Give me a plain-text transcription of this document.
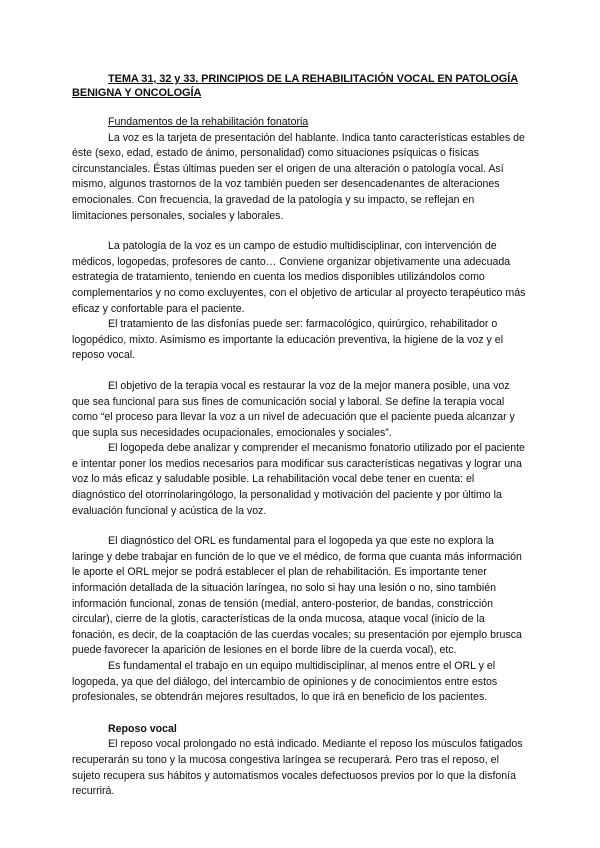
TEMA 31, 32 y 33. PRINCIPIOS DE LA REHABILITACIÓN VOCAL EN PATOLOGÍA BENIGNA Y ONCOLOGÍA

Fundamentos de la rehabilitación fonatoria

La voz es la tarjeta de presentación del hablante. Indica tanto características estables de éste (sexo, edad, estado de ánimo, personalidad) como situaciones psíquicas o físicas circunstanciales. Éstas últimas pueden ser el origen de una alteración o patología vocal. Así mismo, algunos trastornos de la voz también pueden ser desencadenantes de alteraciones emocionales. Con frecuencia, la gravedad de la patología y su impacto, se reflejan en limitaciones personales, sociales y laborales.

La patología de la voz es un campo de estudio multidisciplinar, con intervención de médicos, logopedas, profesores de canto… Conviene organizar objetivamente una adecuada estrategia de tratamiento, teniendo en cuenta los medios disponibles utilizándolos como complementarios y no como excluyentes, con el objetivo de articular al proyecto terapéutico más eficaz y confortable para el paciente.

El tratamiento de las disfonías puede ser: farmacológico, quirúrgico, rehabilitador o logopédico, mixto. Asimismo es importante la educación preventiva, la higiene de la voz y el reposo vocal.

El objetivo de la terapia vocal es restaurar la voz de la mejor manera posible, una voz que sea funcional para sus fines de comunicación social y laboral. Se define la terapia vocal como “el proceso para llevar la voz a un nivel de adecuación que el paciente pueda alcanzar y que supla sus necesidades ocupacionales, emocionales y sociales”.

El logopeda debe analizar y comprender el mecanismo fonatorio utilizado por el paciente e intentar poner los medios necesarios para modificar sus características negativas y lograr una voz lo más eficaz y saludable posible. La rehabilitación vocal debe tener en cuenta: el diagnóstico del otorrinolaringólogo, la personalidad y motivación del paciente y por último la evaluación funcional y acústica de la voz.

El diagnóstico del ORL es fundamental para el logopeda ya que este no explora la laringe y debe trabajar en función de lo que ve el médico, de forma que cuanta más información le aporte el ORL mejor se podrá establecer el plan de rehabilitación. Es importante tener información detallada de la situación laríngea, no solo si hay una lesión o no, sino también información funcional, zonas de tensión (medial, antero-posterior, de bandas, constricción circular), cierre de la glotis, características de la onda mucosa, ataque vocal (inicio de la fonación, es decir, de la coaptación de las cuerdas vocales; su presentación por ejemplo brusca puede favorecer la aparición de lesiones en el borde libre de la cuerda vocal), etc.

Es fundamental el trabajo en un equipo multidisciplinar, al menos entre el ORL y el logopeda, ya que del diálogo, del intercambio de opiniones y de conocimientos entre estos profesionales, se obtendrán mejores resultados, lo que irá en beneficio de los pacientes.

Reposo vocal

El reposo vocal prolongado no está indicado. Mediante el reposo los músculos fatigados recuperarán su tono y la mucosa congestiva laríngea se recuperará. Pero tras el reposo, el sujeto recupera sus hábitos y automatismos vocales defectuosos previos por lo que la disfonía recurrirá.
